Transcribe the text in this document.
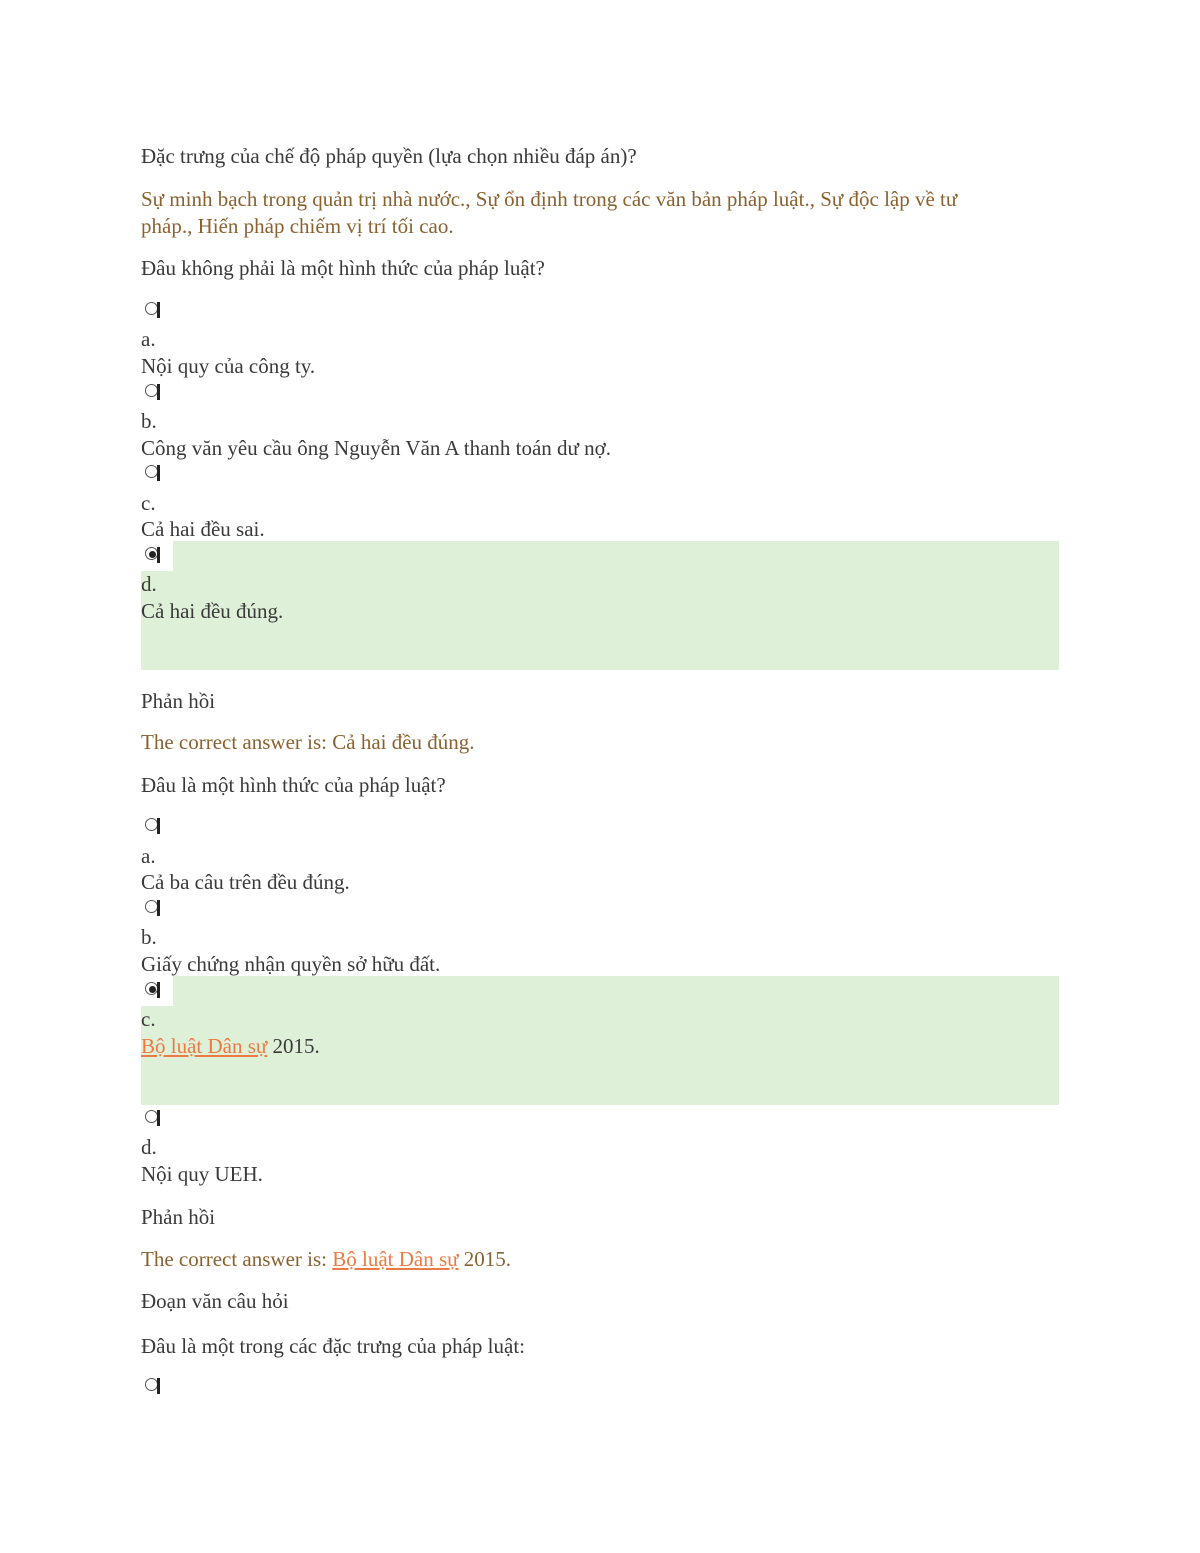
Đặc trưng của chế độ pháp quyền (lựa chọn nhiều đáp án)?
Sự minh bạch trong quản trị nhà nước., Sự ổn định trong các văn bản pháp luật., Sự độc lập về tư
pháp., Hiến pháp chiếm vị trí tối cao.
Đâu không phải là một hình thức của pháp luật?
a.
Nội quy của công ty.
b.
Công văn yêu cầu ông Nguyễn Văn A thanh toán dư nợ.
c.
Cả hai đều sai.
d.
Cả hai đều đúng.
Phản hồi
The correct answer is: Cả hai đều đúng.
Đâu là một hình thức của pháp luật?
a.
Cả ba câu trên đều đúng.
b.
Giấy chứng nhận quyền sở hữu đất.
c.
Bộ luật Dân sự 2015.
d.
Nội quy UEH.
Phản hồi
The correct answer is: Bộ luật Dân sự 2015.
Đoạn văn câu hỏi
Đâu là một trong các đặc trưng của pháp luật:
